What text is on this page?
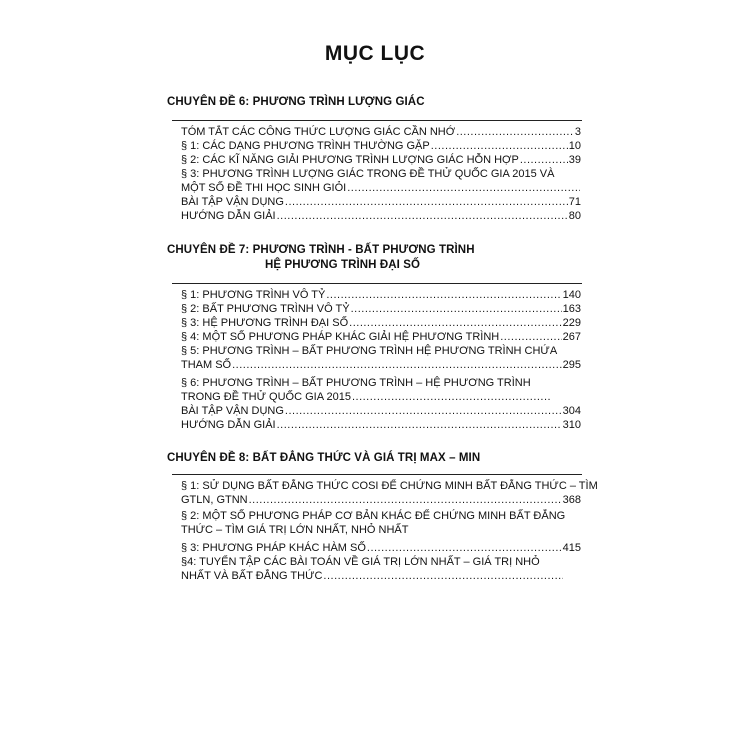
MỤC LỤC
CHUYÊN ĐỀ 6: PHƯƠNG TRÌNH LƯỢNG GIÁC
TÓM TẮT CÁC CÔNG THỨC LƯỢNG GIÁC CẦN NHỚ .....	3
§ 1: CÁC DẠNG PHƯƠNG TRÌNH THƯỜNG GẶP .....	10
§ 2: CÁC KĨ NĂNG GIẢI PHƯƠNG TRÌNH LƯỢNG GIÁC HỖN HỢP .....	39
§ 3: PHƯƠNG TRÌNH LƯỢNG GIÁC TRONG ĐỀ THỬ QUỐC GIA 2015 VÀ
MỘT SỐ ĐỀ THI HỌC SINH GIỎI
.....
BÀI TẬP VẬN DỤNG .....	71
HƯỚNG DẪN GIẢI .....	80
CHUYÊN ĐỀ 7: PHƯƠNG TRÌNH - BẤT PHƯƠNG TRÌNH
HỆ PHƯƠNG TRÌNH ĐẠI SỐ
§ 1: PHƯƠNG TRÌNH VÔ TỶ .....	140
§ 2: BẤT PHƯƠNG TRÌNH VÔ TỶ .....	163
§ 3: HỆ PHƯƠNG TRÌNH ĐẠI SỐ .....	229
§ 4: MỘT SỐ PHƯƠNG PHÁP KHÁC GIẢI HỆ PHƯƠNG TRÌNH .....	267
§ 5: PHƯƠNG TRÌNH – BẤT PHƯƠNG TRÌNH HỆ PHƯƠNG TRÌNH CHỨA
THAM SỐ .....	295
§ 6: PHƯƠNG TRÌNH – BẤT PHƯƠNG TRÌNH – HỆ PHƯƠNG TRÌNH
TRONG ĐỀ THỬ QUỐC GIA 2015
.....
BÀI TẬP VẬN DỤNG .....	304
HƯỚNG DẪN GIẢI .....	310
CHUYÊN ĐỀ 8: BẤT ĐẲNG THỨC VÀ GIÁ TRỊ MAX – MIN
§ 1: SỬ DỤNG BẤT ĐẲNG THỨC COSI ĐỂ CHỨNG MINH BẤT ĐẲNG THỨC – TÌM
GTLN, GTNN .....	368
§ 2: MỘT SỐ PHƯƠNG PHÁP CƠ BẢN KHÁC ĐỂ CHỨNG MINH BẤT ĐẲNG
THỨC – TÌM GIÁ TRỊ LỚN NHẤT, NHỎ NHẤT
§ 3: PHƯƠNG PHÁP KHÁC HÀM SỐ .....	415
§4: TUYỂN TẬP CÁC BÀI TOÁN VỀ GIÁ TRỊ LỚN NHẤT – GIÁ TRỊ NHỎ
NHẤT VÀ BẤT ĐẲNG THỨC
.....
